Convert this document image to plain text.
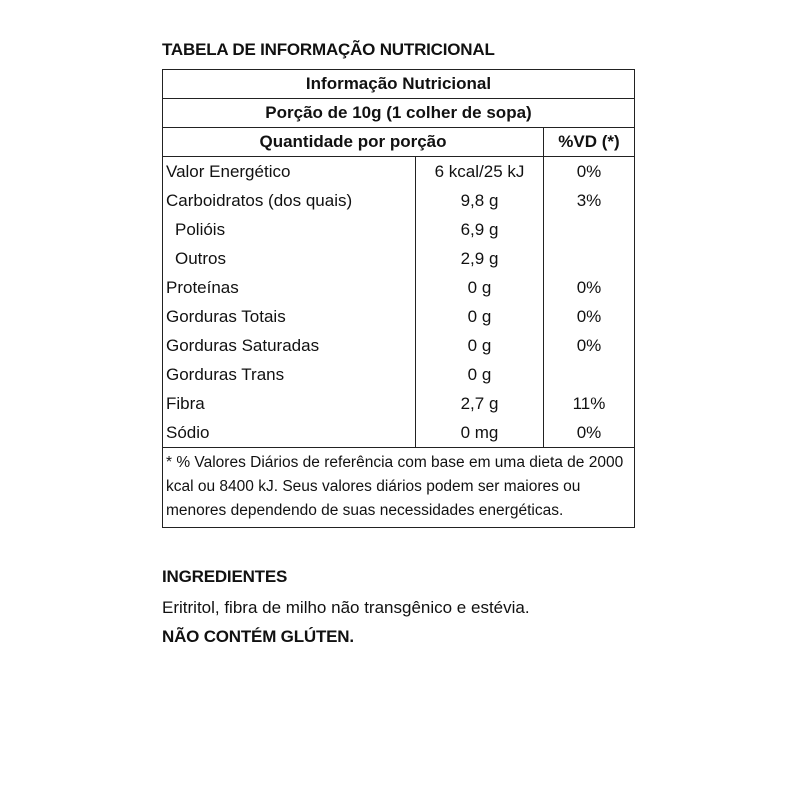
TABELA DE INFORMAÇÃO NUTRICIONAL
Informação Nutricional		
Porção de 10g (1 colher de sopa)		
Quantidade por porção		%VD (*)
Valor Energético	6 kcal/25 kJ	0%
Carboidratos (dos quais)	9,8 g	3%
Polióis	6,9 g	
Outros	2,9 g	
Proteínas	0 g	0%
Gorduras Totais	0 g	0%
Gorduras Saturadas	0 g	0%
Gorduras Trans	0 g	
Fibra	2,7 g	11%
Sódio	0 mg	0%
* % Valores Diários de referência com base em uma dieta de 2000 kcal ou 8400 kJ. Seus valores diários podem ser maiores ou menores dependendo de suas necessidades energéticas.		
INGREDIENTES
Eritritol, fibra de milho não transgênico e estévia.
NÃO CONTÉM GLÚTEN.
